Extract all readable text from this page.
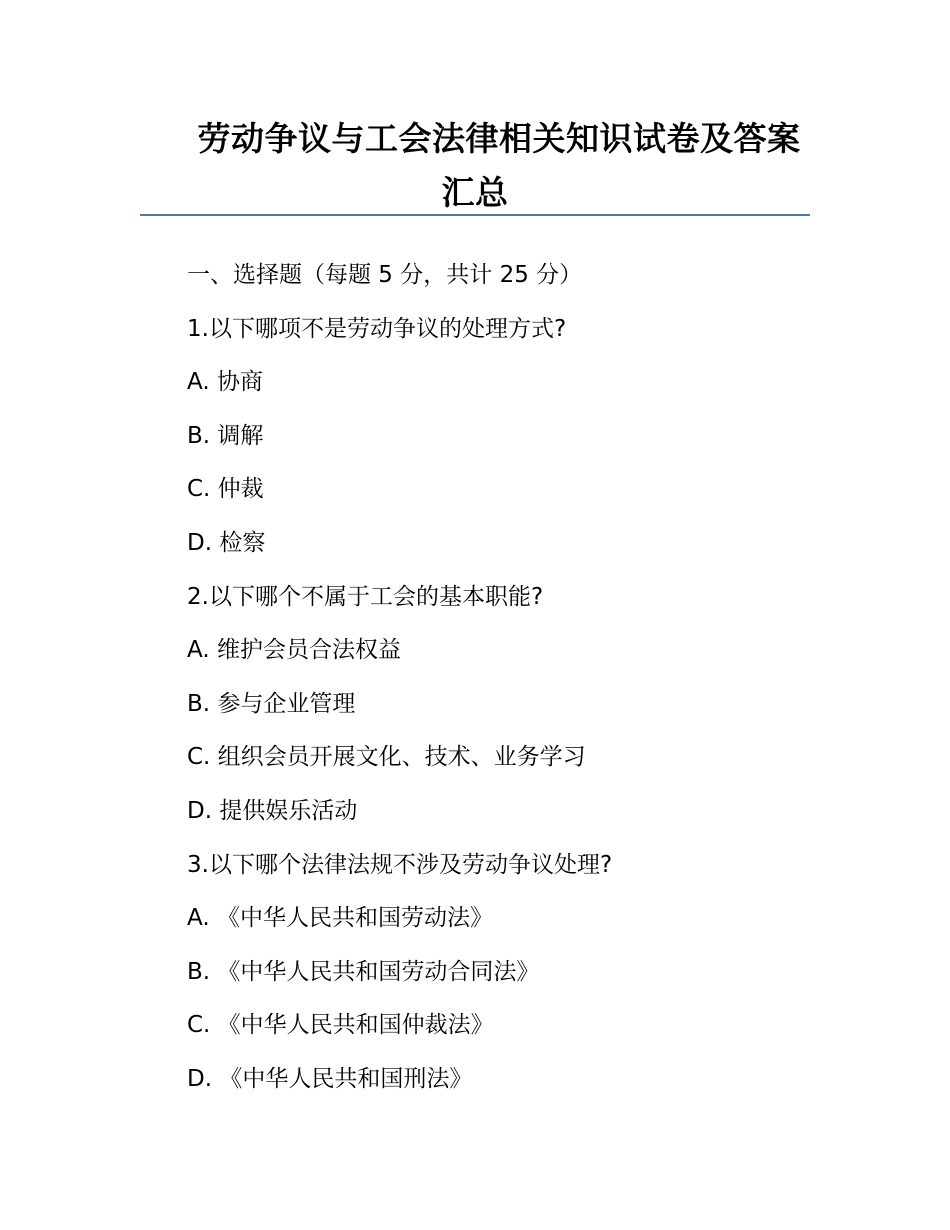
劳动争议与工会法律相关知识试卷及答案
汇总
一、选择题（每题 5 分，共计 25 分）
1.以下哪项不是劳动争议的处理方式?
A. 协商
B. 调解
C. 仲裁
D. 检察
2.以下哪个不属于工会的基本职能?
A. 维护会员合法权益
B. 参与企业管理
C. 组织会员开展文化、技术、业务学习
D. 提供娱乐活动
3.以下哪个法律法规不涉及劳动争议处理?
A. 《中华人民共和国劳动法》
B. 《中华人民共和国劳动合同法》
C. 《中华人民共和国仲裁法》
D. 《中华人民共和国刑法》
